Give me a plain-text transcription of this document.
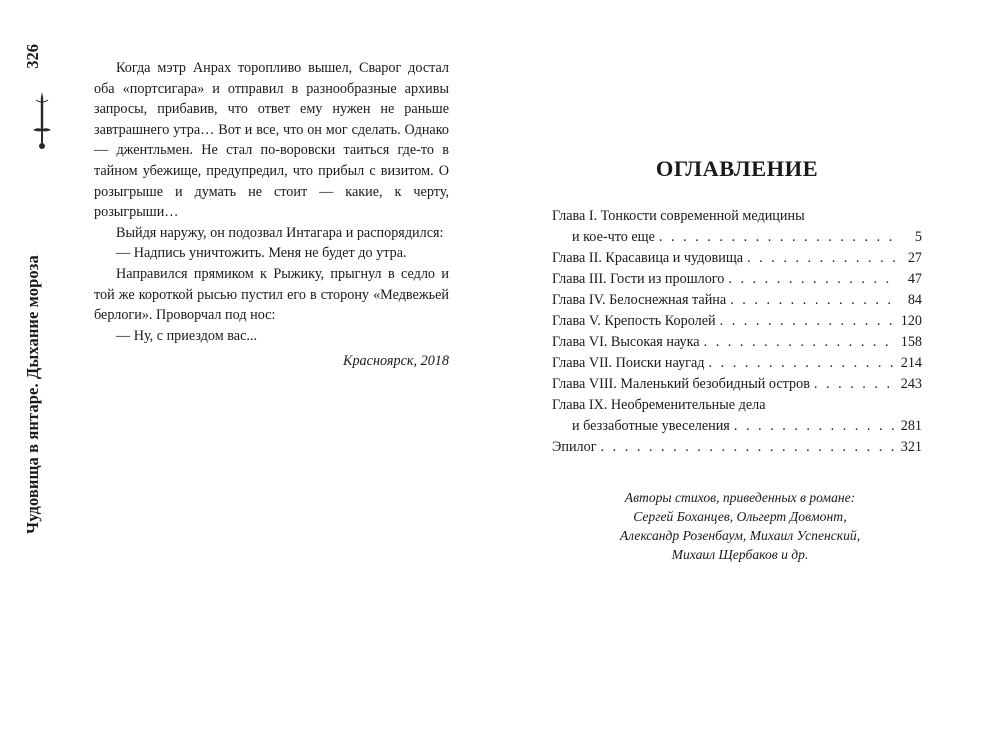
Чудовища в янтаре. Дыхание мороза
326	Когда мэтр Анрах торопливо вышел, Сварог достал оба «портсигара» и отправил в разнообразные архивы запросы, прибавив, что ответ ему нужен не раньше завтрашнего утра… Вот и все, что он мог сделать. Однако — джентльмен. Не стал по-воровски таиться где-то в тайном убежище, предупредил, что прибыл с визитом. О розыгрыше и думать не стоит — какие, к черту, розыгрыши…

Выйдя наружу, он подозвал Интагара и распорядился:

— Надпись уничтожить. Меня не будет до утра.

Направился прямиком к Рыжику, прыгнул в седло и той же короткой рысью пустил его в сторону «Медвежьей берлоги». Проворчал под нос:

— Ну, с приездом вас...

Красноярск, 2018
ОГЛАВЛЕНИЕ
Глава I. Тонкости современной медицины
и кое-что еще . . .	5
Глава II. Красавица и чудовища . . .	27
Глава III. Гости из прошлого . . .	47
Глава IV. Белоснежная тайна . . .	84
Глава V. Крепость Королей . . .	120
Глава VI. Высокая наука . . .	158
Глава VII. Поиски наугад . . .	214
Глава VIII. Маленький безобидный остров . . .	243
Глава IX. Необременительные дела
и беззаботные увеселения . . .	281
Эпилог . . .	321
Авторы стихов, приведенных в романе:
Сергей Боханцев, Ольгерт Довмонт,
Александр Розенбаум, Михаил Успенский,
Михаил Щербаков и др.
